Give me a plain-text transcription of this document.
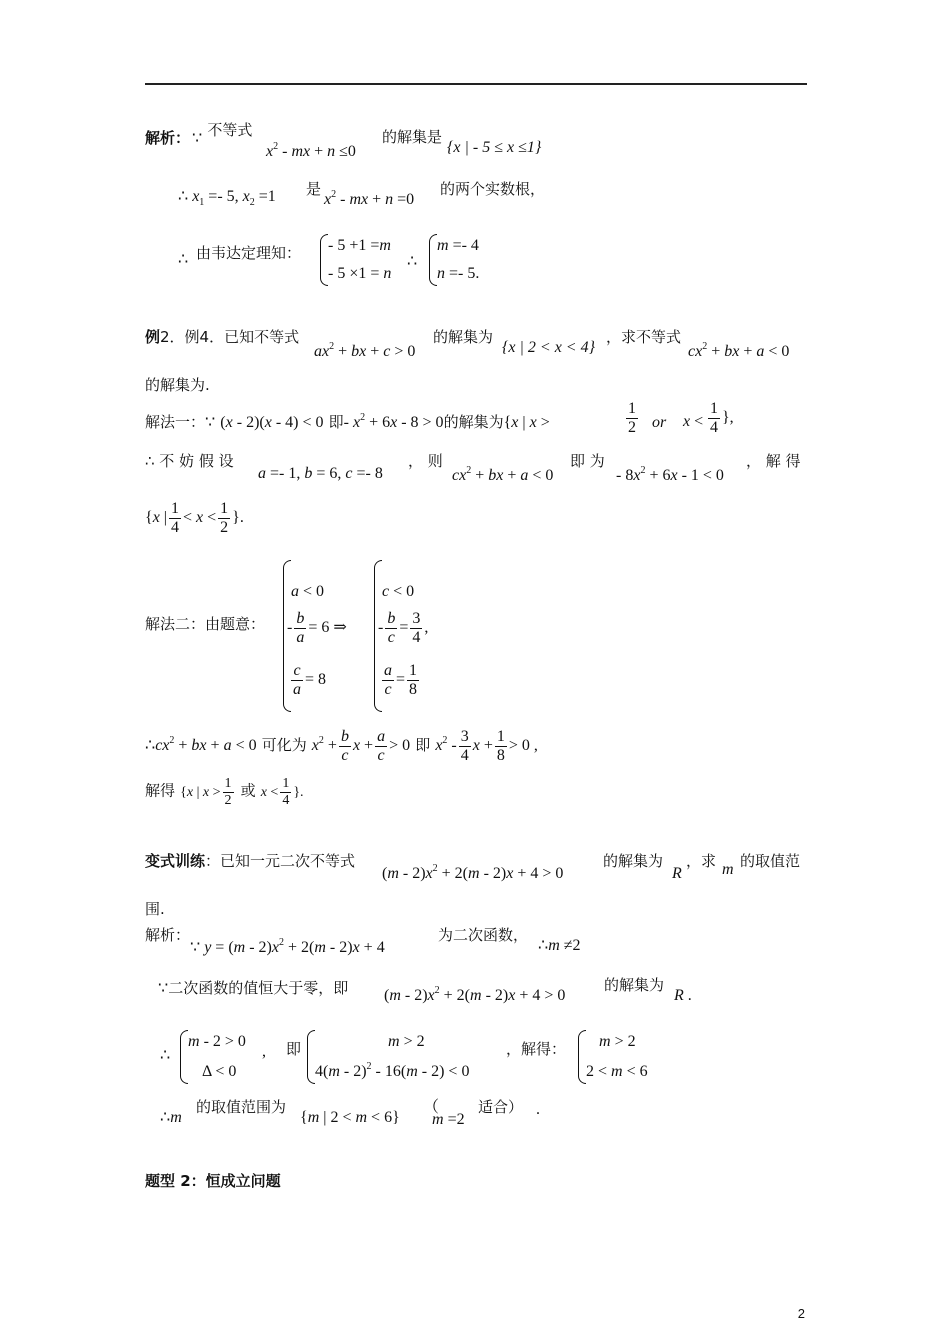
解析： ∵ 不等式
$x^2$ - mx + n ≤0
的解集是
{x | - 5 ≤ x ≤1}
∴ $x_1 =- 5$, $x_2 =1$ 是
$x^2$ - mx + n =0
的两个实数根，
∴ 由韦达定理知： - 5 +1 =m
- 5 ×1 = n
∴
m =- 4
n =- 5.
例2．例4．已知不等式
$ax^2$ + bx + c > 0
的解集为
{x | 2 < x < 4}
，求不等式
$cx^2$ + bx + a < 0
的解集为.
解法一：∵ (x - 2)(x - 4) < 0 即- $x^2 + 6x - 8 > 0$的解集为{x | x >	$\frac{1}{2}$ or $x < \frac{1}{4}$ },
∴ 不 妨 假 设
a =- 1, b = 6, c =- 8
， 则
$cx^2$ + bx + a < 0
即 为
- $8x^2 + 6x - 1 < 0$
， 解 得
{x | $\frac{1}{4} < x < \frac{1}{2}$ }.
解法二：由题意：
a < 0
- $\frac{b}{a} = 6$ ⇒
$\frac{c}{a} = 8$
c < 0
- $\frac{b}{c} = \frac{3}{4}$ ,
$\frac{a}{c} = \frac{1}{8}$
$\therefore cx^2$ + bx + a < 0 可化为 $x^2 + \frac{b}{c}$ $x + \frac{a}{c} > 0$ 即 $x^2 - \frac{3}{4}$ $x + \frac{1}{8} > 0$ ,
解得 {x | $x > \frac{1}{2}$ 或 $x < \frac{1}{4}$ }.
变式训练：已知一元二次不等式
$(m - 2)x^2 + 2(m - 2)x + 4 > 0$
的解集为
R
，求 m 的取值范
围.
解析：
∵ $y = (m - 2)x^2 + 2(m - 2)x + 4$
为二次函数，
∴m ≠2
∵二次函数的值恒大于零，即 $(m - 2)x^2 + 2(m - 2)x + 4 > 0$
的解集为
R .
∴
m - 2 > 0
Δ < 0
, 即	m > 2
4(m - 2)$^2$ - 16(m - 2) < 0
，解得： m > 2
2 < m < 6
∴m
的取值范围为
{m | 2 < m < 6}
（
m =2
适合） .
题型 2：恒成立问题
2
